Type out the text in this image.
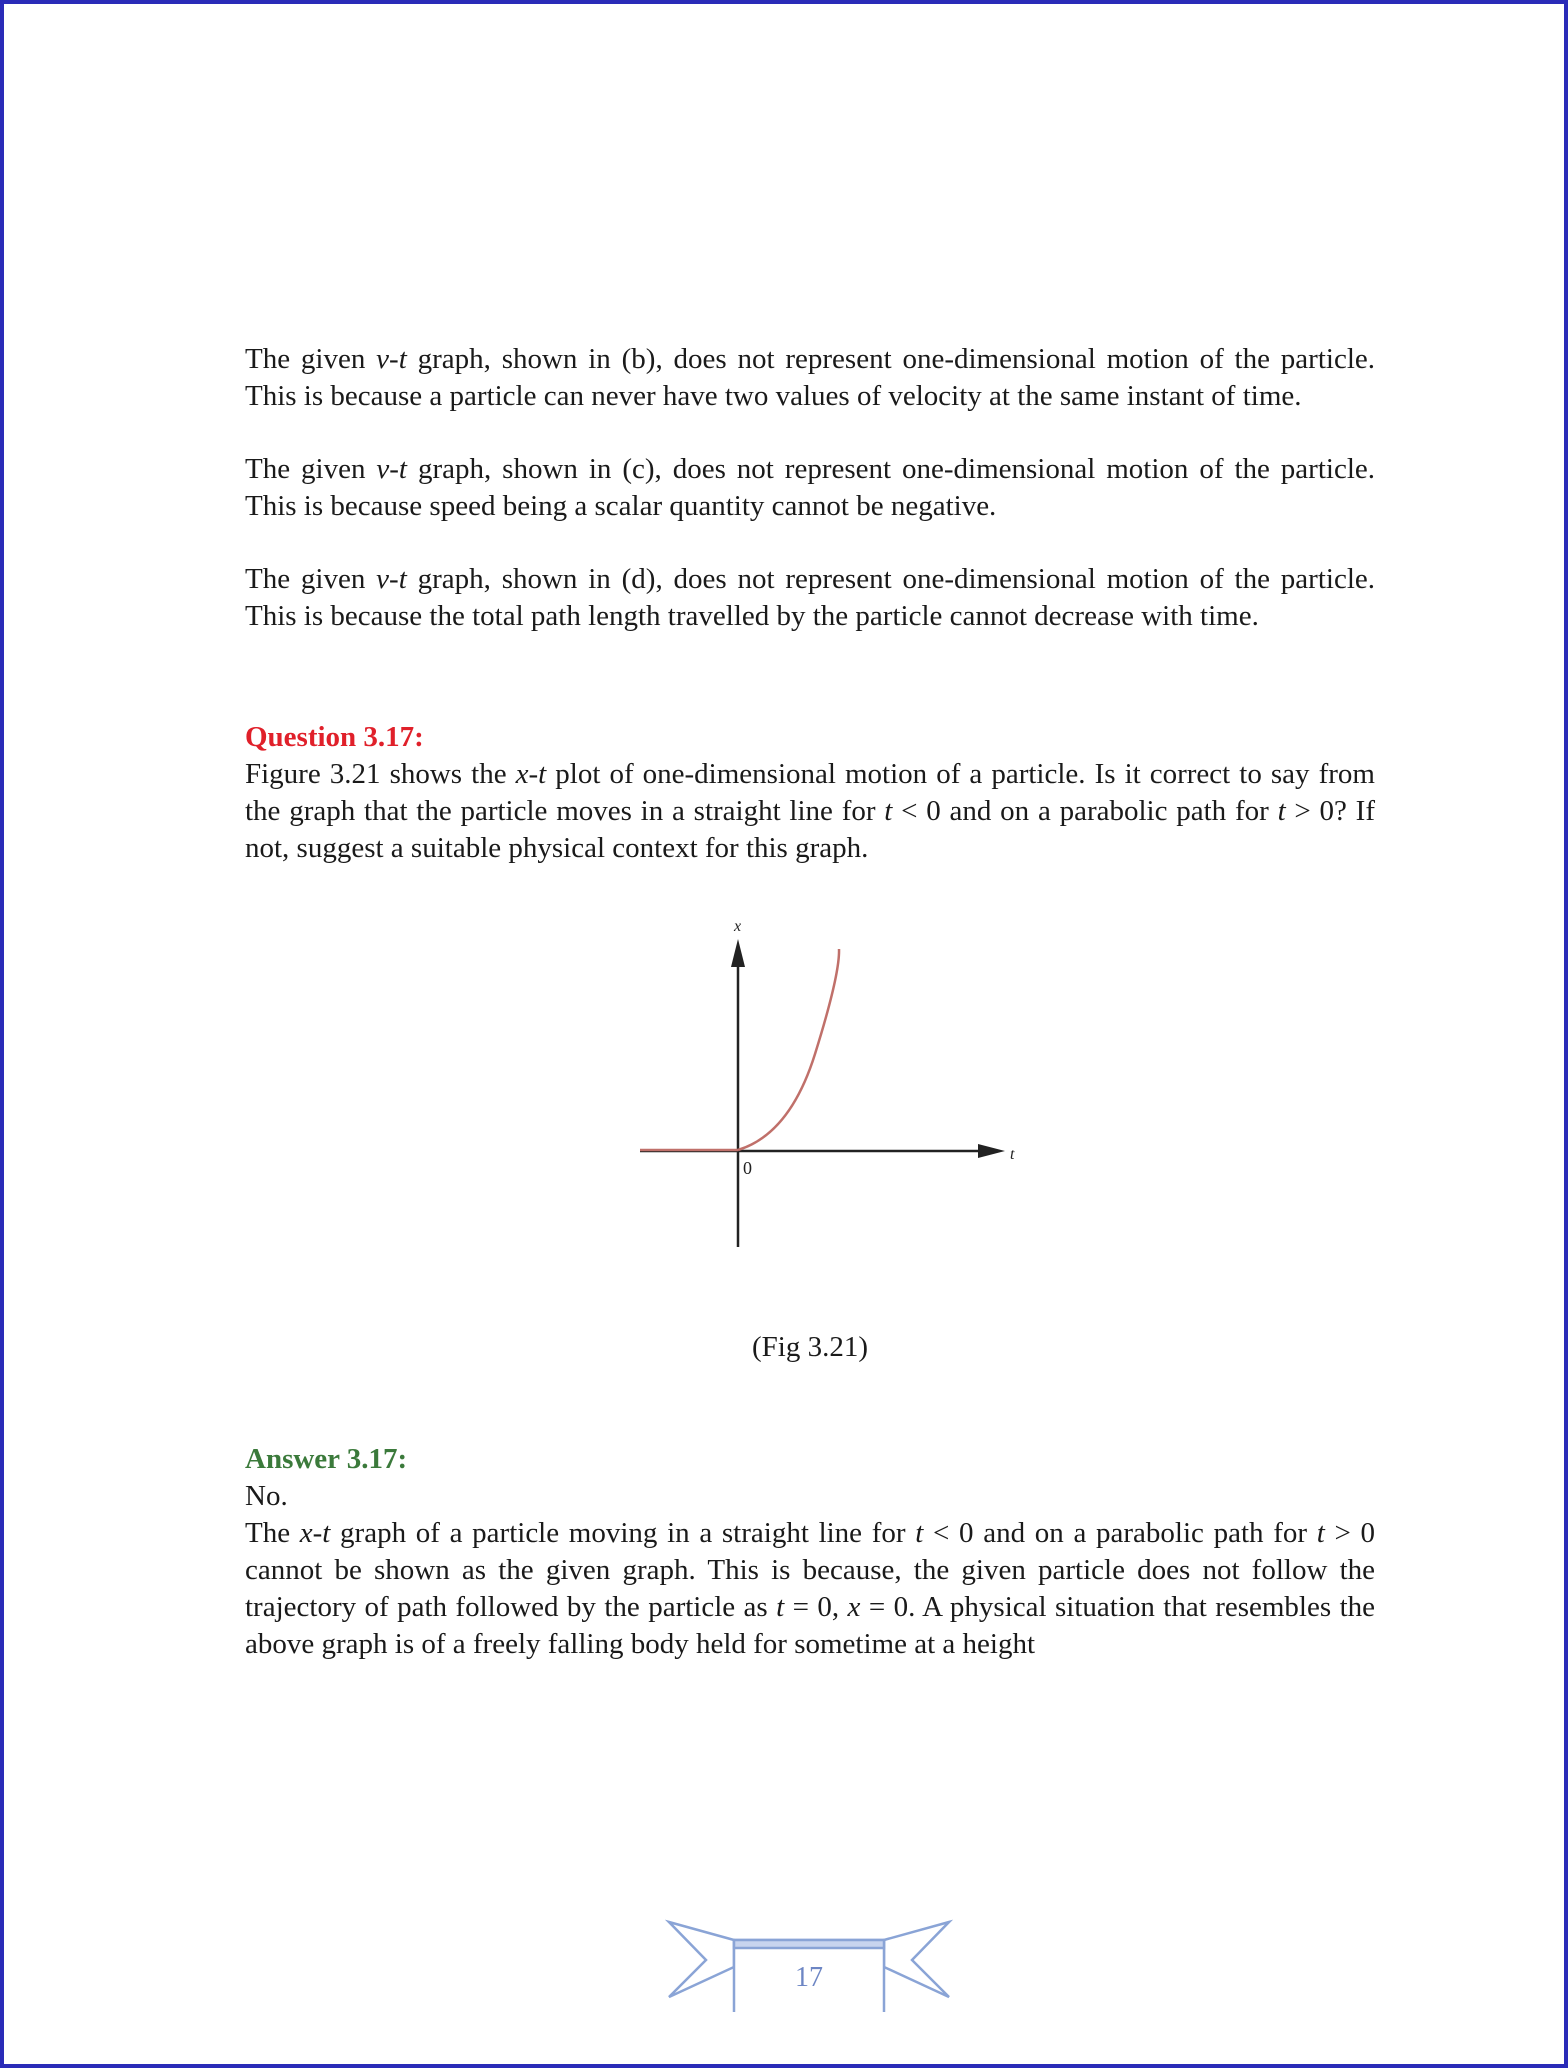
The given v-t graph, shown in (b), does not represent one-dimensional motion of the particle. This is because a particle can never have two values of velocity at the same instant of time.

The given v-t graph, shown in (c), does not represent one-dimensional motion of the particle. This is because speed being a scalar quantity cannot be negative.

The given v-t graph, shown in (d), does not represent one-dimensional motion of the particle. This is because the total path length travelled by the particle cannot decrease with time.

Question 3.17:

Figure 3.21 shows the x-t plot of one-dimensional motion of a particle. Is it correct to say from the graph that the particle moves in a straight line for t < 0 and on a parabolic path for t > 0? If not, suggest a suitable physical context for this graph.

x
t
0

(Fig 3.21)

Answer 3.17:

No.

The x-t graph of a particle moving in a straight line for t < 0 and on a parabolic path for t > 0 cannot be shown as the given graph. This is because, the given particle does not follow the trajectory of path followed by the particle as t = 0, x = 0. A physical situation that resembles the above graph is of a freely falling body held for sometime at a height

17
